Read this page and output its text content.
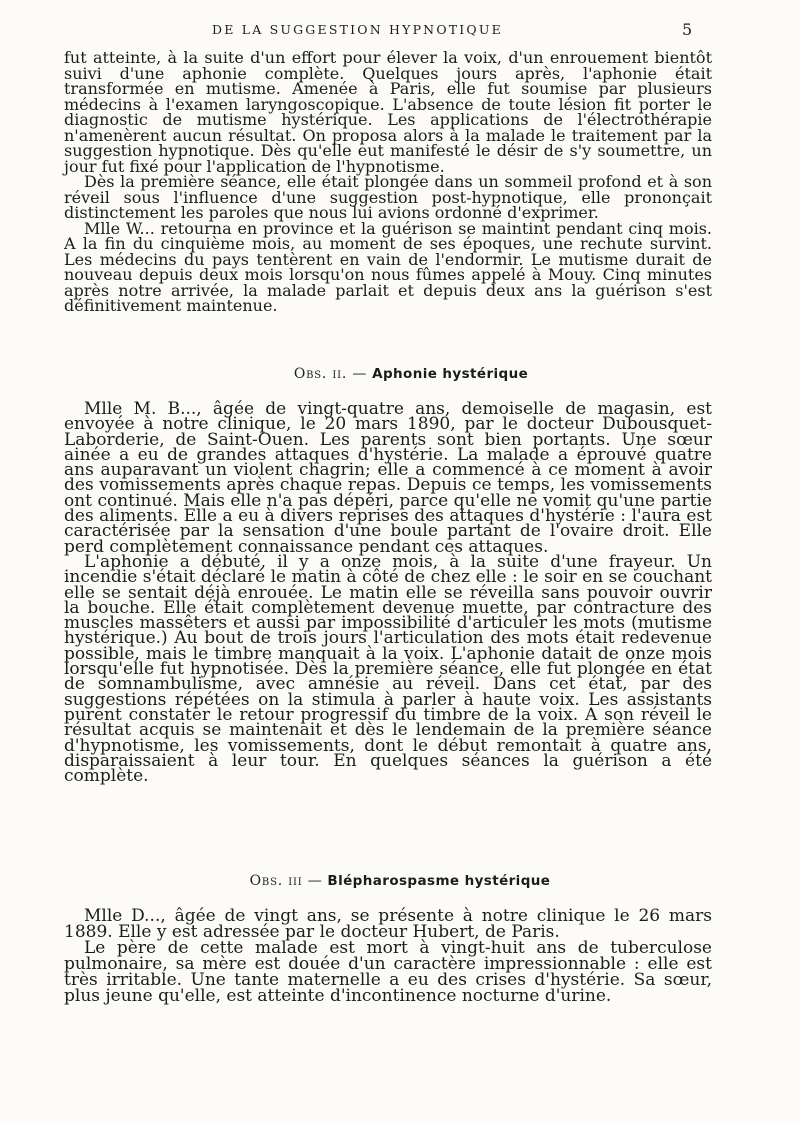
DE LA SUGGESTION HYPNOTIQUE	5

fut atteinte, à la suite d'un effort pour élever la voix, d'un enrouement bientôt suivi d'une aphonie complète. Quelques jours après, l'aphonie était transformée en mutisme. Amenée à Paris, elle fut soumise par plusieurs médecins à l'examen laryngoscopique. L'absence de toute lésion fit porter le diagnostic de mutisme hystérique. Les applications de l'électrothérapie n'amenèrent aucun résultat. On proposa alors à la malade le traitement par la suggestion hypnotique. Dès qu'elle eut manifesté le désir de s'y soumettre, un jour fut fixé pour l'application de l'hypnotisme.

Dès la première séance, elle était plongée dans un sommeil profond et à son réveil sous l'influence d'une suggestion post-hypnotique, elle prononçait distinctement les paroles que nous lui avions ordonné d'exprimer.

Mlle W... retourna en province et la guérison se maintint pendant cinq mois. A la fin du cinquième mois, au moment de ses époques, une rechute survint. Les médecins du pays tentèrent en vain de l'endormir. Le mutisme durait de nouveau depuis deux mois lorsqu'on nous fûmes appelé à Mouy. Cinq minutes après notre arrivée, la malade parlait et depuis deux ans la guérison s'est définitivement maintenue.

Obs. ii. — Aphonie hystérique

Mlle M. B..., âgée de vingt-quatre ans, demoiselle de magasin, est envoyée à notre clinique, le 20 mars 1890, par le docteur Dubousquet-Laborderie, de Saint-Ouen. Les parents sont bien portants. Une sœur ainée a eu de grandes attaques d'hystérie. La malade a éprouvé quatre ans auparavant un violent chagrin; elle a commencé à ce moment à avoir des vomissements après chaque repas. Depuis ce temps, les vomissements ont continué. Mais elle n'a pas dépéri, parce qu'elle ne vomit qu'une partie des aliments. Elle a eu à divers reprises des attaques d'hystérie : l'aura est caractérisée par la sensation d'une boule partant de l'ovaire droit. Elle perd complètement connaissance pendant ces attaques.

L'aphonie a débuté, il y a onze mois, à la suite d'une frayeur. Un incendie s'était déclaré le matin à côté de chez elle : le soir en se couchant elle se sentait déjà enrouée. Le matin elle se réveilla sans pouvoir ouvrir la bouche. Elle était complètement devenue muette, par contracture des muscles massêters et aussi par impossibilité d'articuler les mots (mutisme hystérique.) Au bout de trois jours l'articulation des mots était redevenue possible, mais le timbre manquait à la voix. L'aphonie datait de onze mois lorsqu'elle fut hypnotisée. Dès la première séance, elle fut plongée en état de somnambulisme, avec amnésie au réveil. Dans cet état, par des suggestions répétées on la stimula à parler à haute voix. Les assistants purent constater le retour progressif du timbre de la voix. A son réveil le résultat acquis se maintenait et dès le lendemain de la première séance d'hypnotisme, les vomissements, dont le début remontait à quatre ans, disparaissaient à leur tour. En quelques séances la guérison a été complète.

Obs. iii — Blépharospasme hystérique

Mlle D..., âgée de vingt ans, se présente à notre clinique le 26 mars 1889. Elle y est adressée par le docteur Hubert, de Paris.

Le père de cette malade est mort à vingt-huit ans de tuberculose pulmonaire, sa mère est douée d'un caractère impressionnable : elle est très irritable. Une tante maternelle a eu des crises d'hystérie. Sa sœur, plus jeune qu'elle, est atteinte d'incontinence nocturne d'urine.
